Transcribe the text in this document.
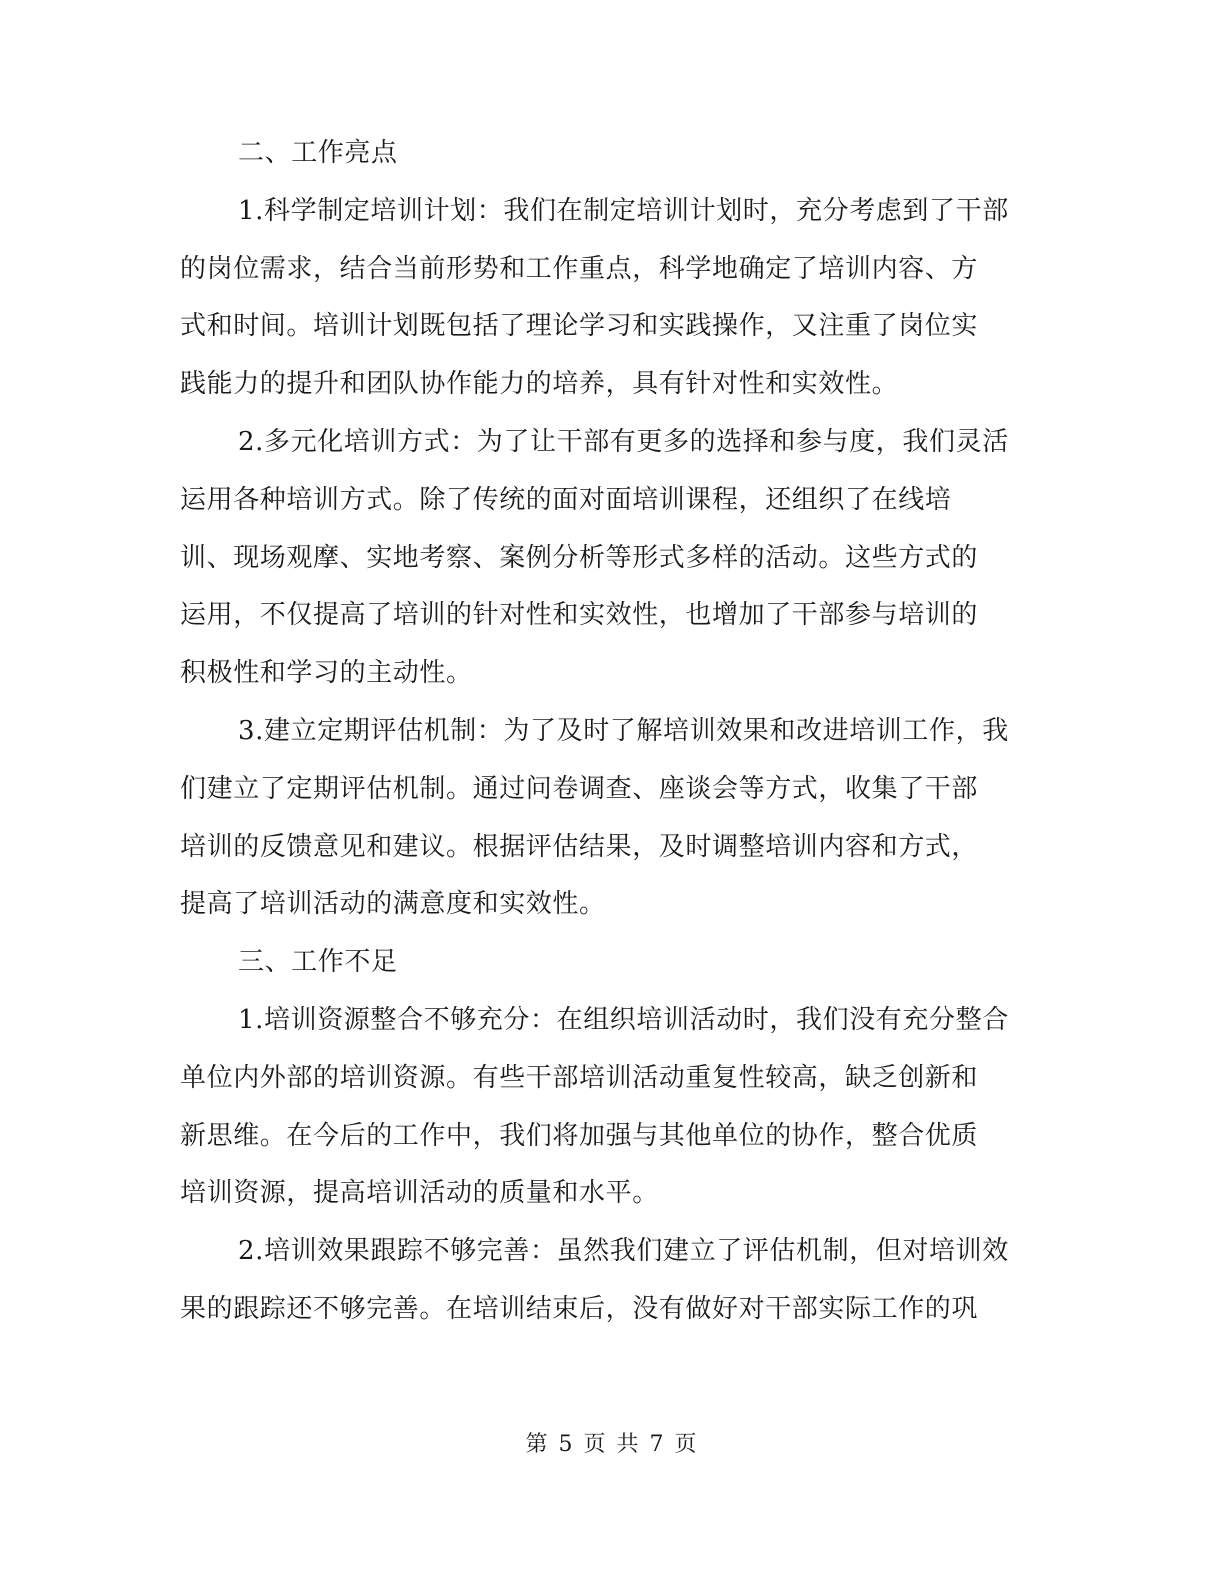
二、工作亮点
1.科学制定培训计划：我们在制定培训计划时，充分考虑到了干部
的岗位需求，结合当前形势和工作重点，科学地确定了培训内容、方
式和时间。培训计划既包括了理论学习和实践操作，又注重了岗位实
践能力的提升和团队协作能力的培养，具有针对性和实效性。
2.多元化培训方式：为了让干部有更多的选择和参与度，我们灵活
运用各种培训方式。除了传统的面对面培训课程，还组织了在线培
训、现场观摩、实地考察、案例分析等形式多样的活动。这些方式的
运用，不仅提高了培训的针对性和实效性，也增加了干部参与培训的
积极性和学习的主动性。
3.建立定期评估机制：为了及时了解培训效果和改进培训工作，我
们建立了定期评估机制。通过问卷调查、座谈会等方式，收集了干部
培训的反馈意见和建议。根据评估结果，及时调整培训内容和方式，
提高了培训活动的满意度和实效性。
三、工作不足
1.培训资源整合不够充分：在组织培训活动时，我们没有充分整合
单位内外部的培训资源。有些干部培训活动重复性较高，缺乏创新和
新思维。在今后的工作中，我们将加强与其他单位的协作，整合优质
培训资源，提高培训活动的质量和水平。
2.培训效果跟踪不够完善：虽然我们建立了评估机制，但对培训效
果的跟踪还不够完善。在培训结束后，没有做好对干部实际工作的巩
第 5 页 共 7 页
